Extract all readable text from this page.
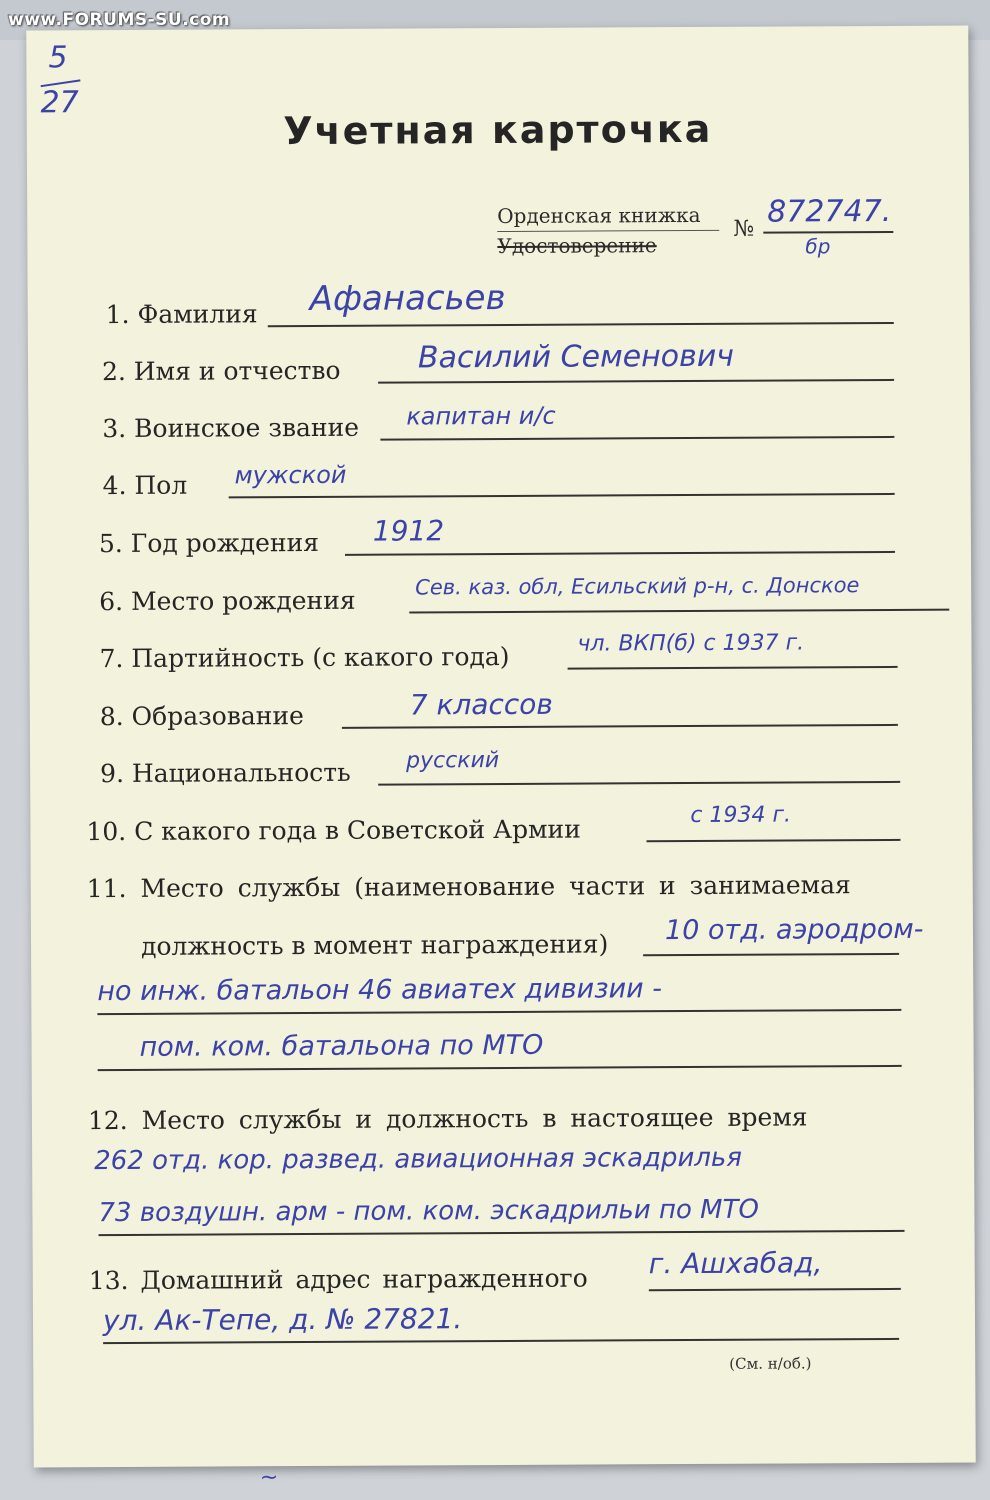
www.FORUMS-SU.com
5
27
Учетная карточка
Орденская книжка
Удостоверение
№ 872747.
бр
1. Фамилия Афанасьев
2. Имя и отчество	Василий Семенович
3. Воинское звание капитан и/с
4. Пол мужской
5. Год рождения 1912
6. Место рождения	Сев. каз. обл, Есильский р-н, с. Донское
7. Партийность (с какого года)	чл. ВКП(б) с 1937 г.
8. Образование	7 классов
9. Национальность	русский
10. С какого года в Советской Армии	с 1934 г.
11. Место службы (наименование части и занимаемая
должность в момент награждения) 10 отд. аэродром-
но инж. батальон 46 авиатех дивизии -
пом. ком. батальона по МТО
12. Место службы и должность в настоящее время
262 отд. кор. развед. авиационная эскадрилья
73 воздушн. арм - пом. ком. эскадрильи по МТО
13. Домашний адрес награжденного г. Ашхабад,
ул. Ак-Тепе, д. № 27821.
(См. н/об.)
~
